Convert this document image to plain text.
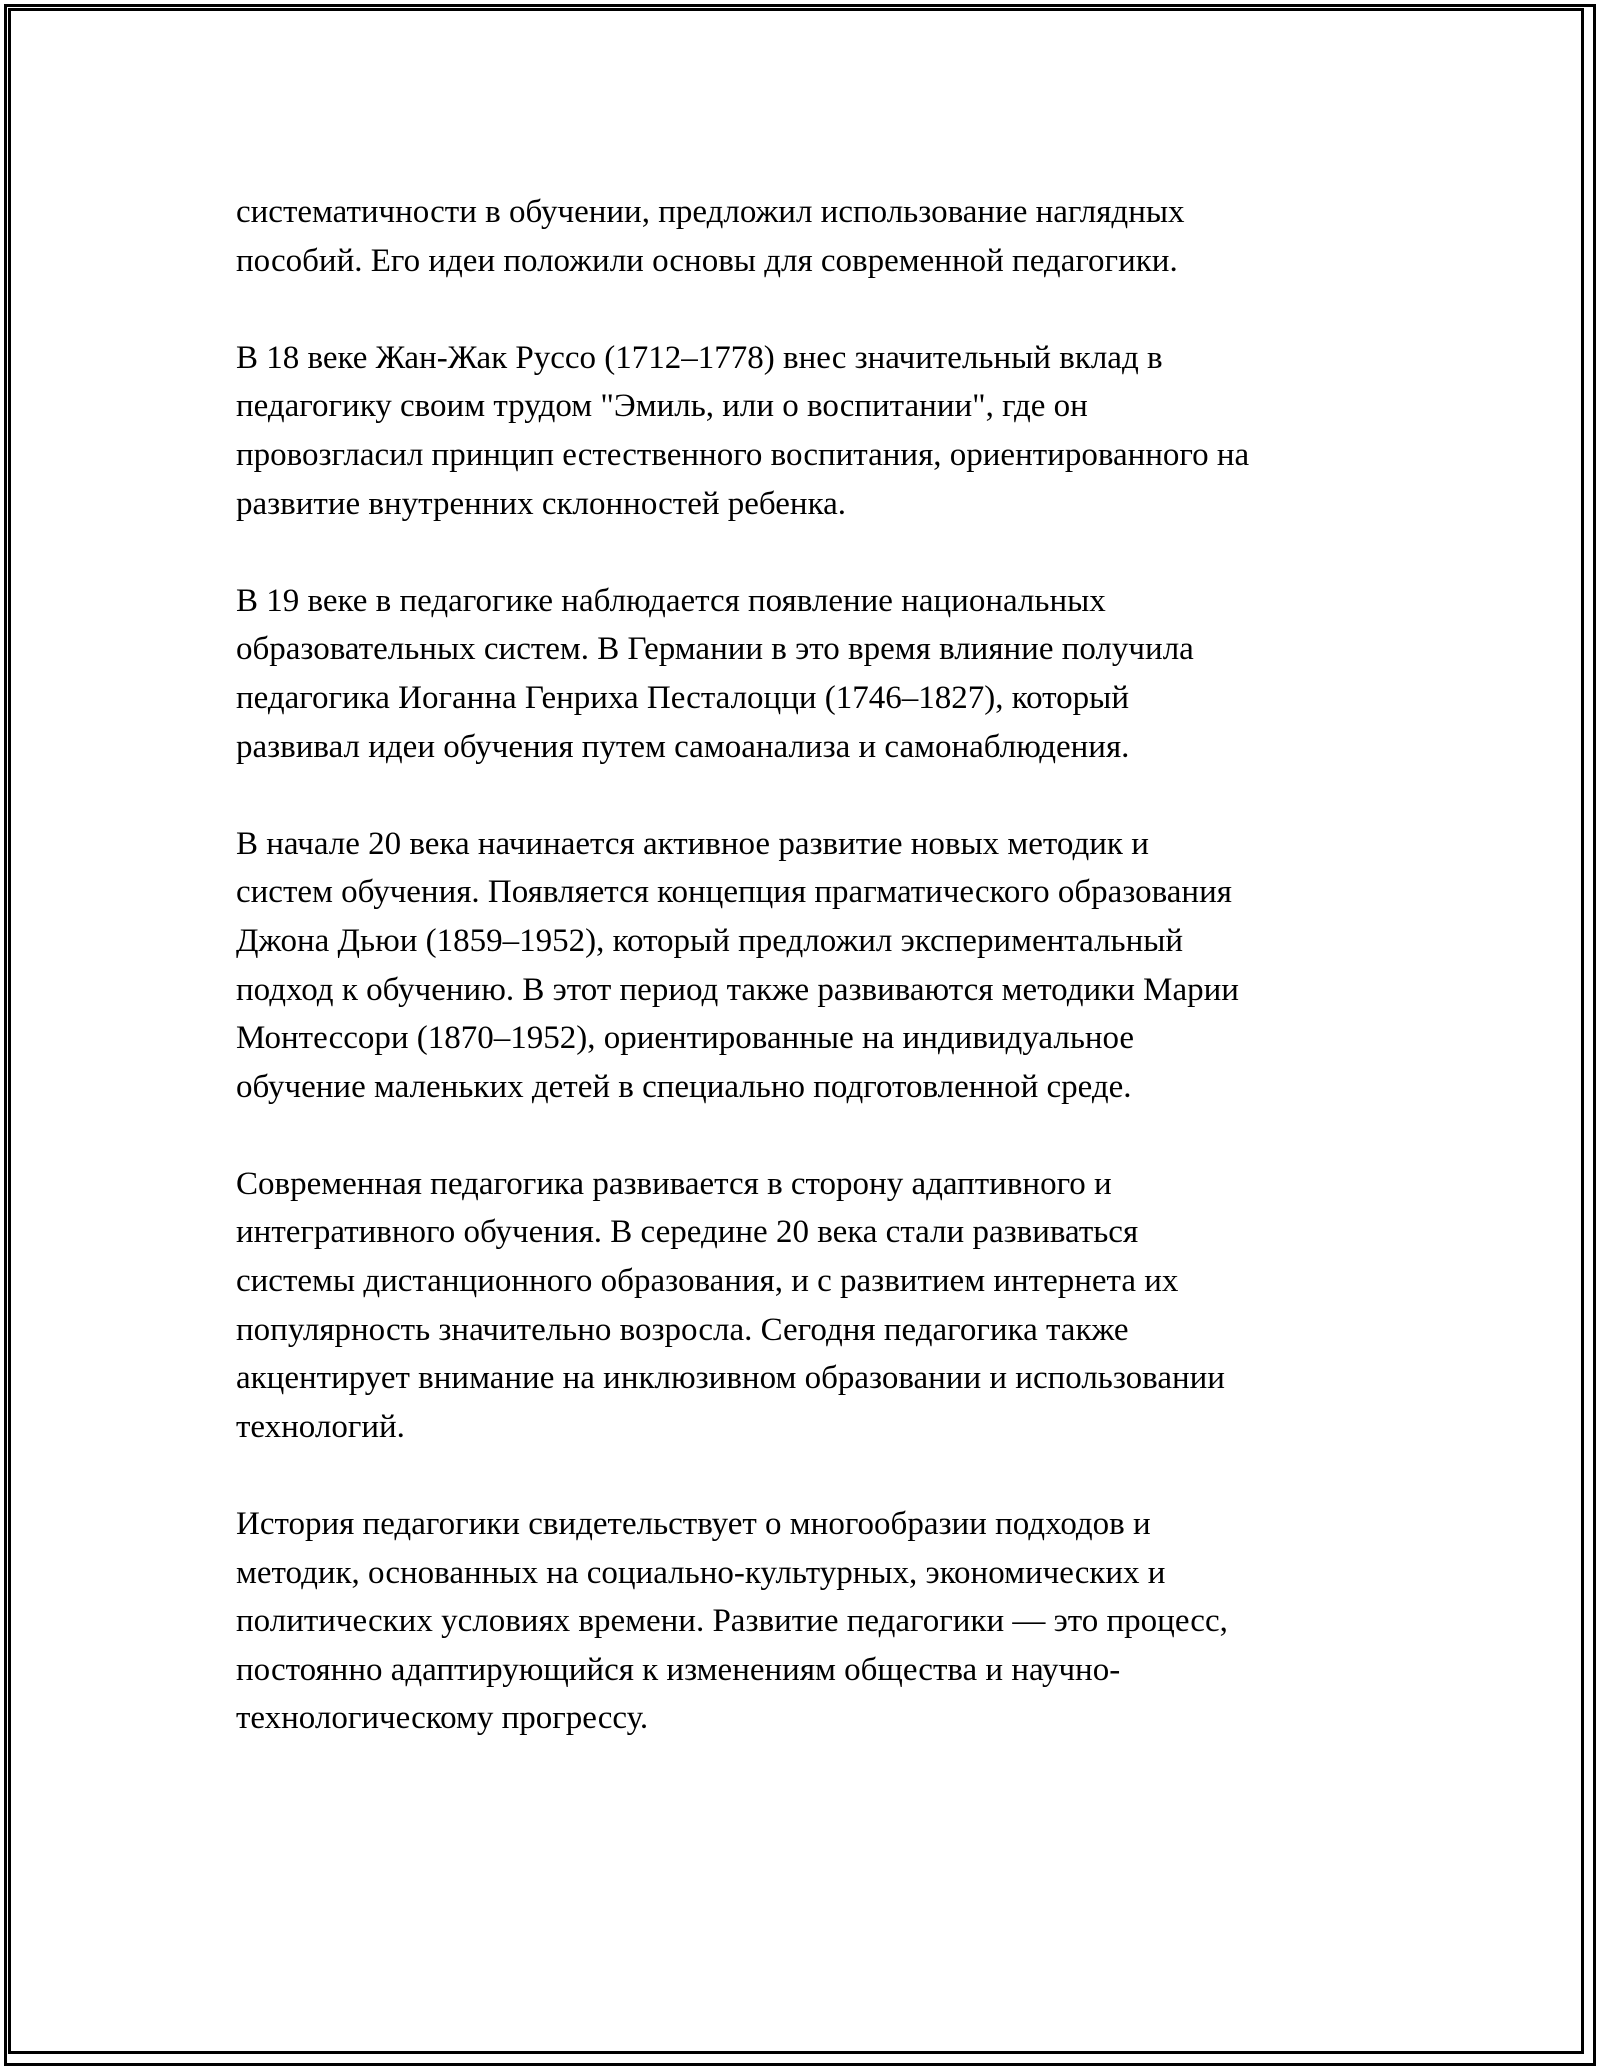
систематичности в обучении, предложил использование наглядных
пособий. Его идеи положили основы для современной педагогики.

В 18 веке Жан-Жак Руссо (1712–1778) внес значительный вклад в
педагогику своим трудом "Эмиль, или о воспитании", где он
провозгласил принцип естественного воспитания, ориентированного на
развитие внутренних склонностей ребенка.

В 19 веке в педагогике наблюдается появление национальных
образовательных систем. В Германии в это время влияние получила
педагогика Иоганна Генриха Песталоцци (1746–1827), который
развивал идеи обучения путем самоанализа и самонаблюдения.

В начале 20 века начинается активное развитие новых методик и
систем обучения. Появляется концепция прагматического образования
Джона Дьюи (1859–1952), который предложил экспериментальный
подход к обучению. В этот период также развиваются методики Марии
Монтессори (1870–1952), ориентированные на индивидуальное
обучение маленьких детей в специально подготовленной среде.

Современная педагогика развивается в сторону адаптивного и
интегративного обучения. В середине 20 века стали развиваться
системы дистанционного образования, и с развитием интернета их
популярность значительно возросла. Сегодня педагогика также
акцентирует внимание на инклюзивном образовании и использовании
технологий.

История педагогики свидетельствует о многообразии подходов и
методик, основанных на социально-культурных, экономических и
политических условиях времени. Развитие педагогики — это процесс,
постоянно адаптирующийся к изменениям общества и научно-
технологическому прогрессу.
